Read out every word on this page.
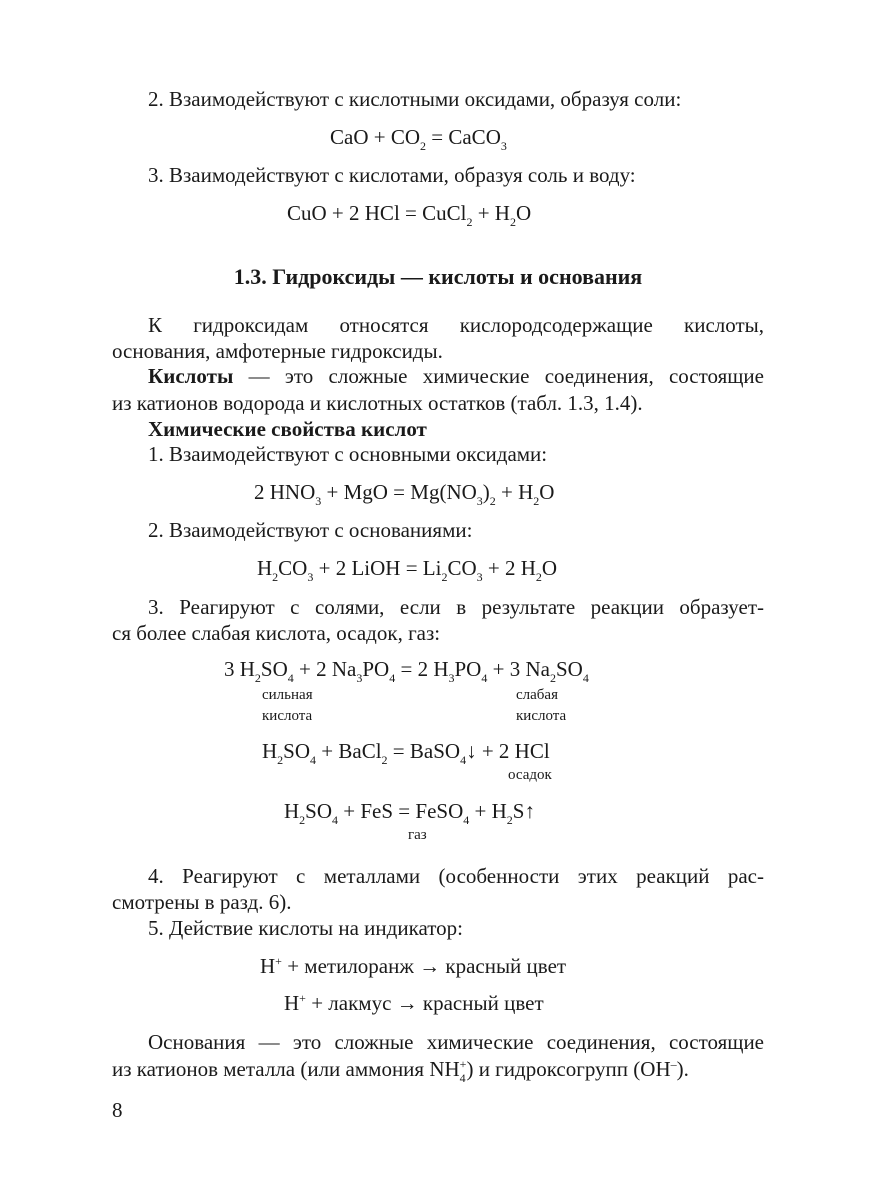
2. Взаимодействуют с кислотными оксидами, образуя соли:
CaO + $CO_2$ = CaCO$_3$
3. Взаимодействуют с кислотами, образуя соль и воду:
CuO + 2 HCl = CuCl$_2$ + $H_2O$
1.3. Гидроксиды — кислоты и основания
К гидроксидам относятся кислородсодержащие кислоты,
основания, амфотерные гидроксиды.
Кислоты — это сложные химические соединения, состоящие
из катионов водорода и кислотных остатков (табл. 1.3, 1.4).
Химические свойства кислот
1. Взаимодействуют с основными оксидами:
2 $HNO_3$ + MgO = $Mg(NO_3)_2 + H_2O$
2. Взаимодействуют с основаниями:
$H_2CO_3 + 2$ LiOH = $Li_2CO_3 + 2$ $H_2O$
3. Реагируют с солями, если в результате реакции образует-
ся более слабая кислота, осадок, газ:
3 $H_2SO_4 + 2$ $Na_3PO_4 = 2$ $H_3PO_4 + 3$ $Na_2SO_4$
сильная
кислота
слабая
кислота
$H_2SO_4$ + BaCl$_2$ = BaSO$_4$↓ + 2 HCl
осадок
$H_2SO_4$ + FeS = FeSO$_4$ + $H_2S↑$
газ
4. Реагируют с металлами (особенности этих реакций рас-
смотрены в разд. 6).
5. Действие кислоты на индикатор:
H+ + метилоранж → красный цвет
H+ + лакмус → красный цвет
Основания — это сложные химические соединения, состоящие
из катионов металла (или аммония $NH_4^+$) и гидроксогрупп (OH–).
8
